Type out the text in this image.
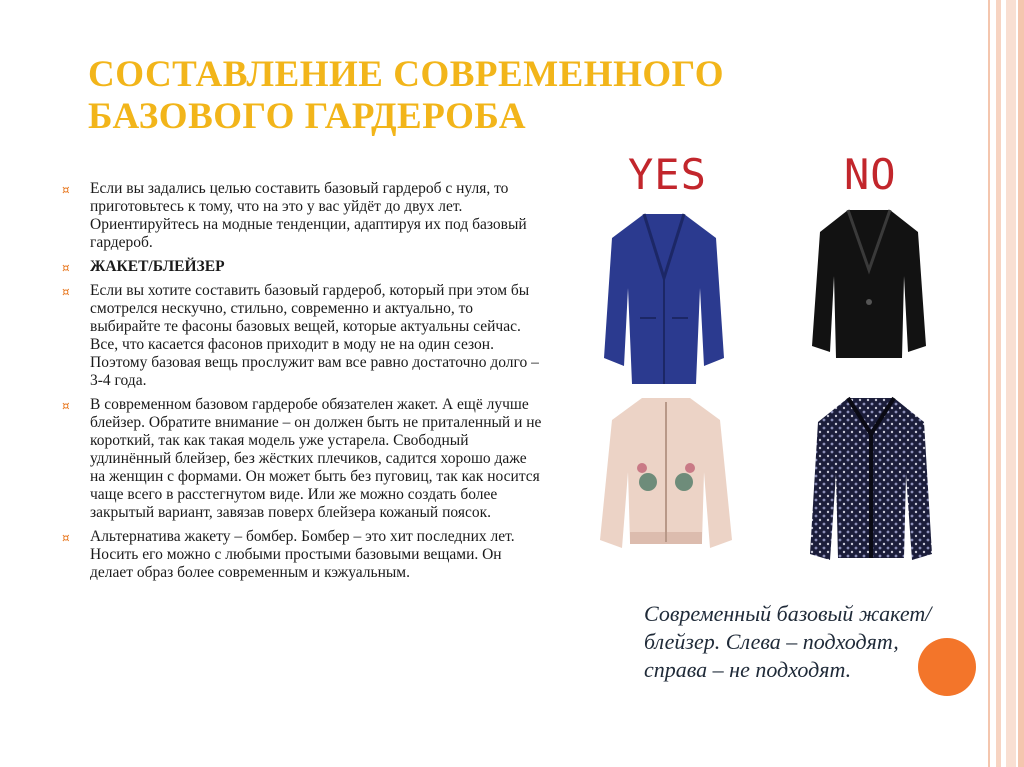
СОСТАВЛЕНИЕ СОВРЕМЕННОГО
БАЗОВОГО ГАРДЕРОБА
¤ Если вы задались целью составить базовый гардероб с нуля, то приготовьтесь к тому, что на это у вас уйдёт до двух лет. Ориентируйтесь на модные тенденции, адаптируя их под базовый гардероб.
¤ ЖАКЕТ/БЛЕЙЗЕР
¤ Если вы хотите составить базовый гардероб, который при этом бы смотрелся нескучно, стильно, современно и актуально, то выбирайте те фасоны базовых вещей, которые актуальны сейчас. Все, что касается фасонов приходит в моду не на один сезон. Поэтому базовая вещь прослужит вам все равно достаточно долго – 3-4 года.
¤ В современном базовом гардеробе обязателен жакет. А ещё лучше блейзер. Обратите внимание – он должен быть не приталенный и не короткий, так как такая модель уже устарела. Свободный удлинённый блейзер, без жёстких плечиков, садится хорошо даже на женщин с формами. Он может быть без пуговиц, так как носится чаще всего в расстегнутом виде. Или же можно создать более закрытый вариант, завязав поверх блейзера кожаный поясок.
¤ Альтернатива жакету – бомбер. Бомбер – это хит последних лет. Носить его можно с любыми простыми базовыми вещами. Он делает образ более современным и кэжуальным.
YES	NO
Современный базовый жакет/блейзер. Слева – подходят, справа – не подходят.
